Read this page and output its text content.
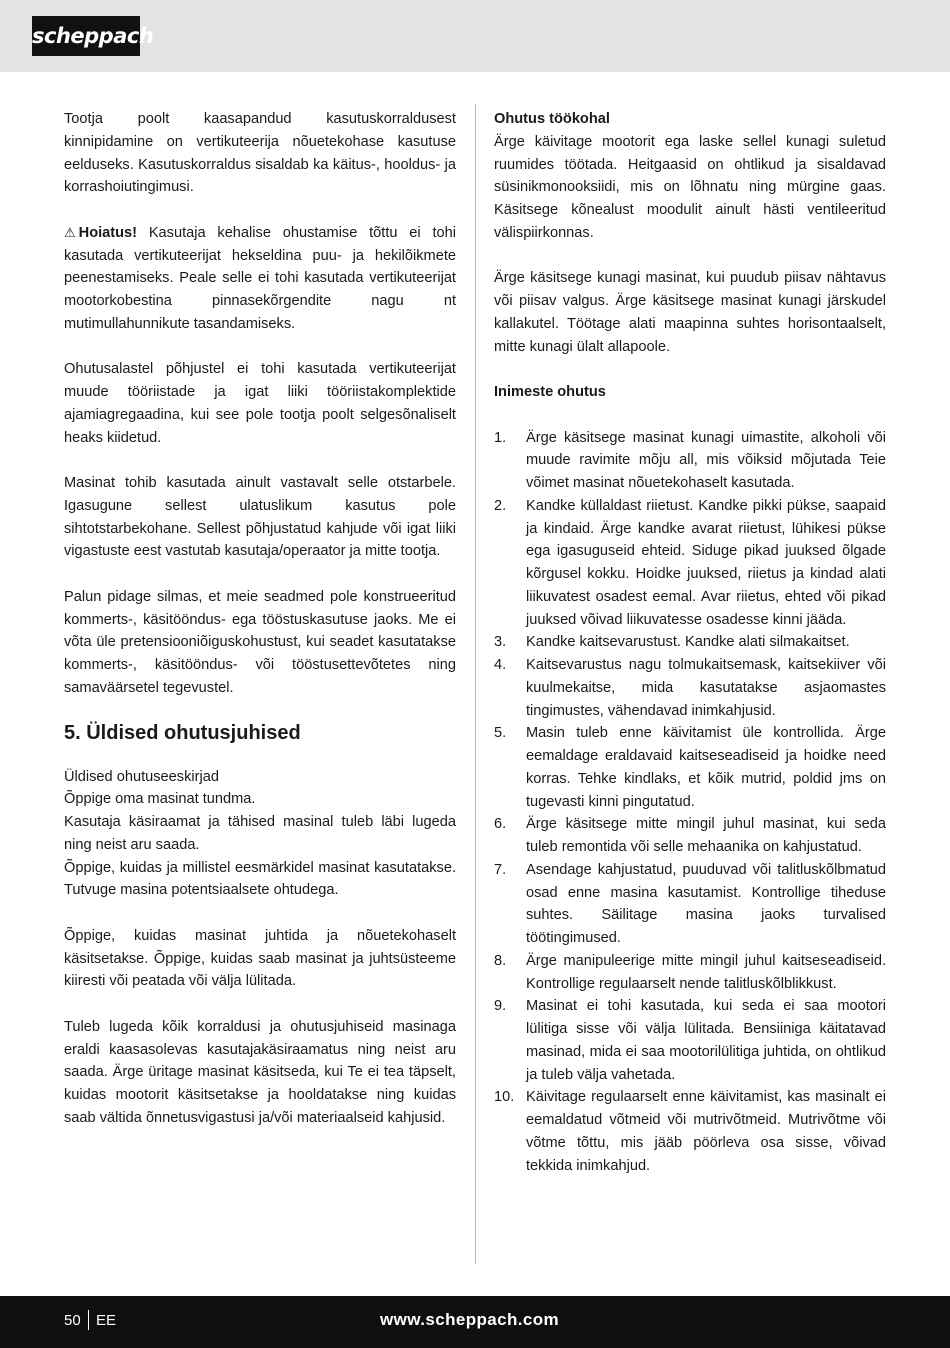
scheppach

Tootja poolt kaasapandud kasutuskorraldusest kinnipidamine on vertikuteerija nõuetekohase kasutuse eelduseks. Kasutuskorraldus sisaldab ka käitus-, hooldus- ja korrashoiutingimusi.

⚠ Hoiatus! Kasutaja kehalise ohustamise tõttu ei tohi kasutada vertikuteerijat hekseldina puu- ja hekilõikmete peenestamiseks. Peale selle ei tohi kasutada vertikuteerijat mootorkobestina pinnasekõrgendite nagu nt mutimullahunnikute tasandamiseks.

Ohutusalastel põhjustel ei tohi kasutada vertikuteerijat muude tööriistade ja igat liiki tööriistakomplektide ajamiagregaadina, kui see pole tootja poolt selgesõnaliselt heaks kiidetud.

Masinat tohib kasutada ainult vastavalt selle otstarbele. Igasugune sellest ulatuslikum kasutus pole sihtotstarbekohane. Sellest põhjustatud kahjude või igat liiki vigastuste eest vastutab kasutaja/operaator ja mitte tootja.

Palun pidage silmas, et meie seadmed pole konstrueeritud kommerts-, käsitööndus- ega tööstuskasutuse jaoks. Me ei võta üle pretensiooniõiguskohustust, kui seadet kasutatakse kommerts-, käsitööndus- või tööstusettevõtetes ning samaväärsetel tegevustel.

5. Üldised ohutusjuhised

Üldised ohutuseeskirjad

Õppige oma masinat tundma.

Kasutaja käsiraamat ja tähised masinal tuleb läbi lugeda ning neist aru saada.

Õppige, kuidas ja millistel eesmärkidel masinat kasutatakse. Tutvuge masina potentsiaalsete ohtudega.

Õppige, kuidas masinat juhtida ja nõuetekohaselt käsitsetakse. Õppige, kuidas saab masinat ja juhtsüsteeme kiiresti või peatada või välja lülitada.

Tuleb lugeda kõik korraldusi ja ohutusjuhiseid masinaga eraldi kaasasolevas kasutajakäsiraamatus ning neist aru saada. Ärge üritage masinat käsitseda, kui Te ei tea täpselt, kuidas mootorit käsitsetakse ja hooldatakse ning kuidas saab vältida õnnetusvigastusi ja/või materiaalseid kahjusid.

Ohutus töökohal

Ärge käivitage mootorit ega laske sellel kunagi suletud ruumides töötada. Heitgaasid on ohtlikud ja sisaldavad süsinikmonooksiidi, mis on lõhnatu ning mürgine gaas. Käsitsege kõnealust moodulit ainult hästi ventileeritud välispiirkonnas.

Ärge käsitsege kunagi masinat, kui puudub piisav nähtavus või piisav valgus. Ärge käsitsege masinat kunagi järskudel kallakutel. Töötage alati maapinna suhtes horisontaalselt, mitte kunagi ülalt allapoole.

Inimeste ohutus

1. Ärge käsitsege masinat kunagi uimastite, alkoholi või muude ravimite mõju all, mis võiksid mõjutada Teie võimet masinat nõuetekohaselt kasutada.
2. Kandke küllaldast riietust. Kandke pikki pükse, saapaid ja kindaid. Ärge kandke avarat riietust, lühikesi pükse ega igasuguseid ehteid. Siduge pikad juuksed õlgade kõrgusel kokku. Hoidke juuksed, riietus ja kindad alati liikuvatest osadest eemal. Avar riietus, ehted või pikad juuksed võivad liikuvatesse osadesse kinni jääda.
3. Kandke kaitsevarustust. Kandke alati silmakaitset.
4. Kaitsevarustus nagu tolmukaitsemask, kaitsekiiver või kuulmekaitse, mida kasutatakse asjaomastes tingimustes, vähendavad inimkahjusid.
5. Masin tuleb enne käivitamist üle kontrollida. Ärge eemaldage eraldavaid kaitseseadiseid ja hoidke need korras. Tehke kindlaks, et kõik mutrid, poldid jms on tugevasti kinni pingutatud.
6. Ärge käsitsege mitte mingil juhul masinat, kui seda tuleb remontida või selle mehaanika on kahjustatud.
7. Asendage kahjustatud, puuduvad või talitluskõlbmatud osad enne masina kasutamist. Kontrollige tiheduse suhtes. Säilitage masina jaoks turvalised töötingimused.
8. Ärge manipuleerige mitte mingil juhul kaitseseadiseid. Kontrollige regulaarselt nende talitluskõlblikkust.
9. Masinat ei tohi kasutada, kui seda ei saa mootori lülitiga sisse või välja lülitada. Bensiiniga käitatavad masinad, mida ei saa mootorilülitiga juhtida, on ohtlikud ja tuleb välja vahetada.
10. Käivitage regulaarselt enne käivitamist, kas masinalt ei eemaldatud võtmeid või mutrivõtmeid. Mutrivõtme või võtme tõttu, mis jääb pöörleva osa sisse, võivad tekkida inimkahjud.
50 EE	www.scheppach.com
